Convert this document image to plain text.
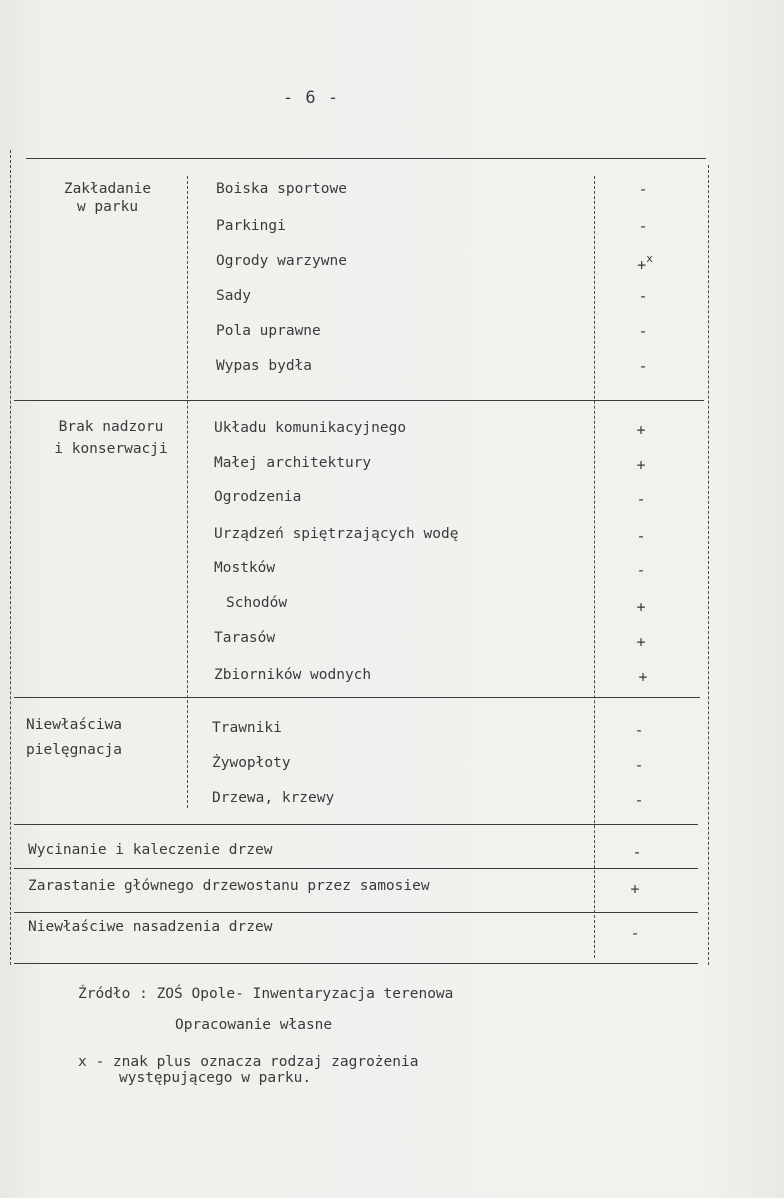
- 6 -
Zakładanie
w parku
Boiska sportowe
Parkingi
Ogrody warzywne
Sady
Pola uprawne
Wypas bydła
-
-
+$^x$
-
-
-
Brak nadzoru
i konserwacji
Układu komunikacyjnego
Małej architektury
Ogrodzenia
Urządzeń spiętrzających wodę
Mostków
Schodów
Tarasów
Zbiorników wodnych
+
+
-
-
-
+
+
+
Niewłaściwa
pielęgnacja
Trawniki
Żywopłoty
Drzewa, krzewy
-
-
-
Wycinanie i kaleczenie drzew
Zarastanie głównego drzewostanu przez samosiew
Niewłaściwe nasadzenia drzew
-
+
-
Źródło : ZOŚ Opole- Inwentaryzacja terenowa
Opracowanie własne
x - znak plus oznacza rodzaj zagrożenia
występującego w parku.
